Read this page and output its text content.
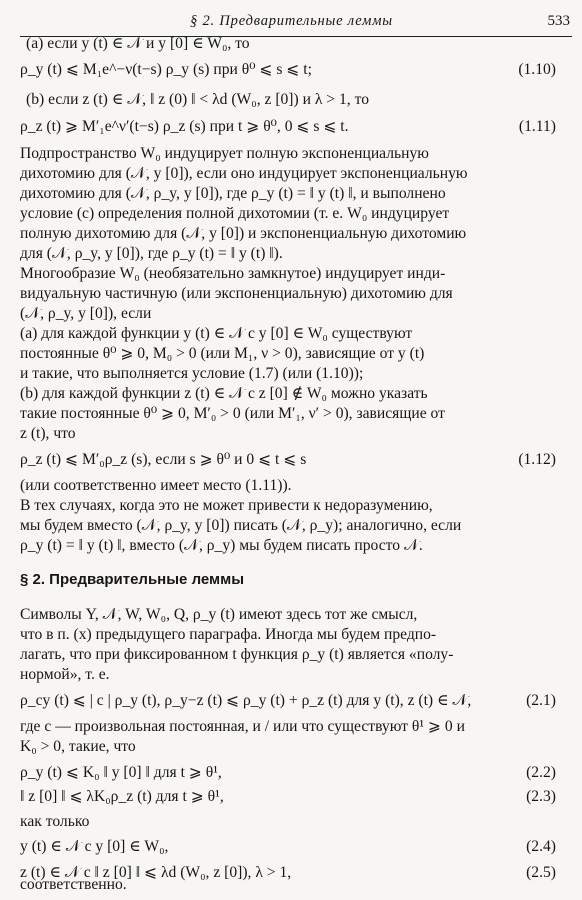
§ 2. Предварительные леммы	533
(a) если y (t) ∈ 𝒩 и y [0] ∈ W₀, то
ρ_y (t) ⩽ M₁e^−ν(t−s) ρ_y (s) при θ⁰ ⩽ s ⩽ t;	(1.10)
(b) если z (t) ∈ 𝒩, ‖ z (0) ‖ < λd (W₀, z [0]) и λ > 1, то
ρ_z (t) ⩾ M′₁e^ν′(t−s) ρ_z (s) при t ⩾ θ⁰, 0 ⩽ s ⩽ t.	(1.11)
Подпространство W₀ индуцирует полную экспоненциальную
дихотомию для (𝒩, y [0]), если оно индуцирует экспоненциальную
дихотомию для (𝒩, ρ_y, y [0]), где ρ_y (t) = ‖ y (t) ‖, и выполнено
условие (c) определения полной дихотомии (т. е. W₀ индуцирует
полную дихотомию для (𝒩, y [0]) и экспоненциальную дихотомию
для (𝒩, ρ_y, y [0]), где ρ_y (t) = ‖ y (t) ‖).
Многообразие W₀ (необязательно замкнутое) индуцирует инди-
видуальную частичную (или экспоненциальную) дихотомию для
(𝒩, ρ_y, y [0]), если
(a) для каждой функции y (t) ∈ 𝒩 с y [0] ∈ W₀ существуют
постоянные θ⁰ ⩾ 0, M₀ > 0 (или M₁, ν > 0), зависящие от y (t)
и такие, что выполняется условие (1.7) (или (1.10));
(b) для каждой функции z (t) ∈ 𝒩 с z [0] ∉ W₀ можно указать
такие постоянные θ⁰ ⩾ 0, M′₀ > 0 (или M′₁, ν′ > 0), зависящие от
z (t), что
ρ_z (t) ⩽ M′₀ρ_z (s), если s ⩾ θ⁰ и 0 ⩽ t ⩽ s	(1.12)
(или соответственно имеет место (1.11)).
В тех случаях, когда это не может привести к недоразумению,
мы будем вместо (𝒩, ρ_y, y [0]) писать (𝒩, ρ_y); аналогично, если
ρ_y (t) = ‖ y (t) ‖, вместо (𝒩, ρ_y) мы будем писать просто 𝒩.
§ 2. Предварительные леммы
Символы Y, 𝒩, W, W₀, Q, ρ_y (t) имеют здесь тот же смысл,
что в п. (x) предыдущего параграфа. Иногда мы будем предпо-
лагать, что при фиксированном t функция ρ_y (t) является «полу-
нормой», т. е.
ρ_cy (t) ⩽ | c | ρ_y (t), ρ_y−z (t) ⩽ ρ_y (t) + ρ_z (t) для y (t), z (t) ∈ 𝒩,	(2.1)
где c — произвольная постоянная, и / или что существуют θ¹ ⩾ 0 и
K₀ > 0, такие, что
ρ_y (t) ⩽ K₀ ‖ y [0] ‖ для t ⩾ θ¹,	(2.2)
‖ z [0] ‖ ⩽ λK₀ρ_z (t) для t ⩾ θ¹,	(2.3)
как только
y (t) ∈ 𝒩 с y [0] ∈ W₀,	(2.4)
z (t) ∈ 𝒩 с ‖ z [0] ‖ ⩽ λd (W₀, z [0]), λ > 1,	(2.5)
соответственно.
